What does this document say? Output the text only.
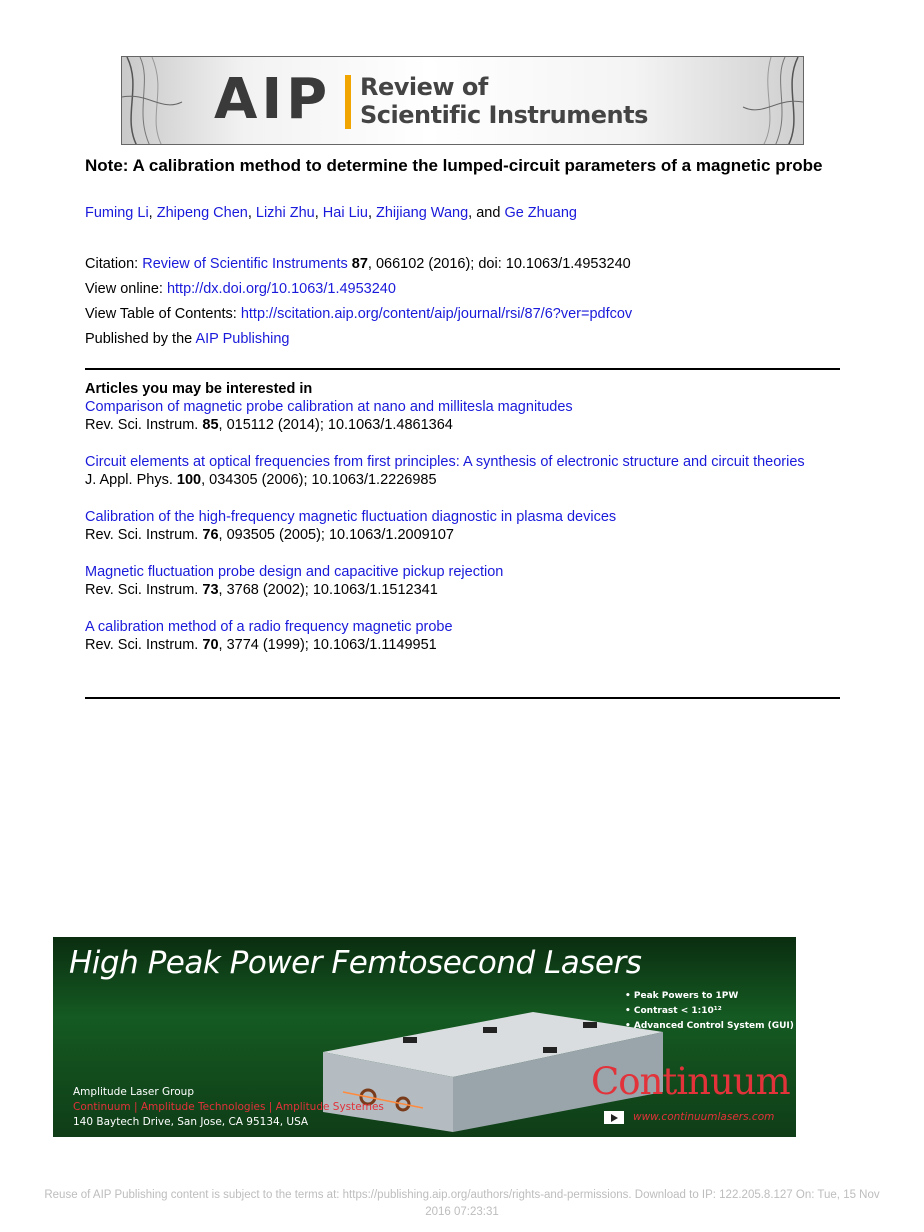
AIP Review of
Scientific Instruments
Note: A calibration method to determine the lumped-circuit parameters of a magnetic probe
Fuming Li, Zhipeng Chen, Lizhi Zhu, Hai Liu, Zhijiang Wang, and Ge Zhuang
Citation: Review of Scientific Instruments 87, 066102 (2016); doi: 10.1063/1.4953240
View online: http://dx.doi.org/10.1063/1.4953240
View Table of Contents: http://scitation.aip.org/content/aip/journal/rsi/87/6?ver=pdfcov
Published by the AIP Publishing

Articles you may be interested in

Comparison of magnetic probe calibration at nano and millitesla magnitudes
Rev. Sci. Instrum. 85, 015112 (2014); 10.1063/1.4861364
Circuit elements at optical frequencies from first principles: A synthesis of electronic structure and circuit theories
J. Appl. Phys. 100, 034305 (2006); 10.1063/1.2226985
Calibration of the high-frequency magnetic fluctuation diagnostic in plasma devices
Rev. Sci. Instrum. 76, 093505 (2005); 10.1063/1.2009107
Magnetic fluctuation probe design and capacitive pickup rejection
Rev. Sci. Instrum. 73, 3768 (2002); 10.1063/1.1512341
A calibration method of a radio frequency magnetic probe
Rev. Sci. Instrum. 70, 3774 (1999); 10.1063/1.1149951
High Peak Power Femtosecond Lasers
• Peak Powers to 1PW
• Contrast < 1:10¹²
• Advanced Control System (GUI)
Amplitude Laser Group
Continuum | Amplitude Technologies | Amplitude Systemes
140 Baytech Drive, San Jose, CA 95134, USA
Continuum
www.continuumlasers.com
Reuse of AIP Publishing content is subject to the terms at: https://publishing.aip.org/authors/rights-and-permissions. Download to IP: 122.205.8.127 On: Tue, 15 Nov
2016 07:23:31
